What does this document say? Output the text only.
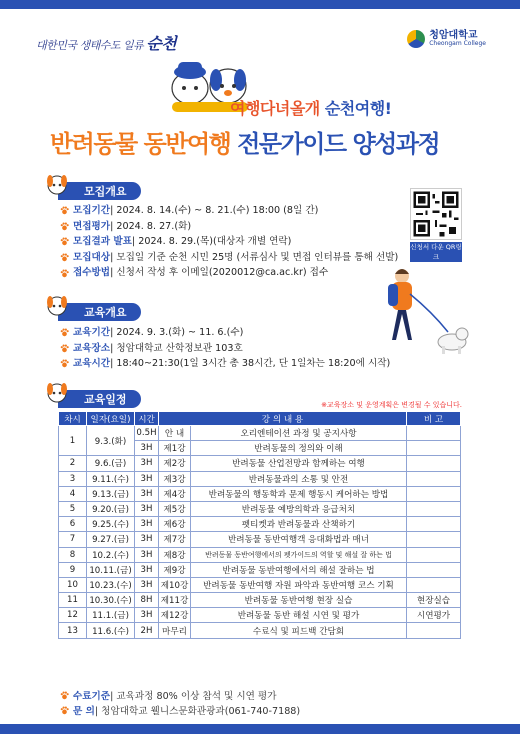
대한민국 생태수도 일류 순천	청암대학교
Cheongam College
여행다녀올개 순천여행!
반려동물 동반여행 전문가이드 양성과정
모집개요
모집기간 | 2024. 8. 14.(수) ~ 8. 21.(수) 18:00 (8일 간)
면접평가 | 2024. 8. 27.(화)
모집결과 발표 | 2024. 8. 29.(목)(대상자 개별 연락)
모집대상 | 모집일 기준 순천 시민 25명 (서류심사 및 면접 인터뷰를 통해 선발)
접수방법 | 신청서 작성 후 이메일(2020012@ca.ac.kr) 접수
신청서 다운 QR링크
교육개요
교육기간 | 2024. 9. 3.(화) ~ 11. 6.(수)
교육장소 | 청암대학교 산학정보관 103호
교육시간 | 18:40~21:30(1일 3시간 총 38시간, 단 1일차는 18:20에 시작)
교육일정	※교육장소 및 운영계획은 변경될 수 있습니다.
차시	일자(요일)	시간	강 의 내 용		비 고
1	9.3.(화)	0.5H	안 내	오리엔테이션 과정 및 공지사항	
		3H	제1강	반려동물의 정의와 이해	
2	9.6.(금)	3H	제2강	반려동물 산업전망과 함께하는 여행	
3	9.11.(수)	3H	제3강	반려동물과의 소통 및 안전	
4	9.13.(금)	3H	제4강	반려동물의 행동학과 문제 행동시 케어하는 방법	
5	9.20.(금)	3H	제5강	반려동물 예방의학과 응급처치	
6	9.25.(수)	3H	제6강	펫티켓과 반려동물과 산책하기	
7	9.27.(금)	3H	제7강	반려동물 동반여행객 응대화법과 매너	
8	10.2.(수)	3H	제8강	반려동물 동반여행에서의 펫가이드의 역할 및 해설 잘 하는 법	
9	10.11.(금)	3H	제9강	반려동물 동반여행에서의 해설 잘하는 법	
10	10.23.(수)	3H	제10강	반려동물 동반여행 자원 파악과 동반여행 코스 기획	
11	10.30.(수)	8H	제11강	반려동물 동반여행 현장 실습	현장실습
12	11.1.(금)	3H	제12강	반려동물 동반 해설 시연 및 평가	시연평가
13	11.6.(수)	2H	마무리	수료식 및 피드백 간담회	
수료기준 | 교육과정 80% 이상 참석 및 시연 평가
문 의 | 청암대학교 웰니스문화관광과(061-740-7188)
